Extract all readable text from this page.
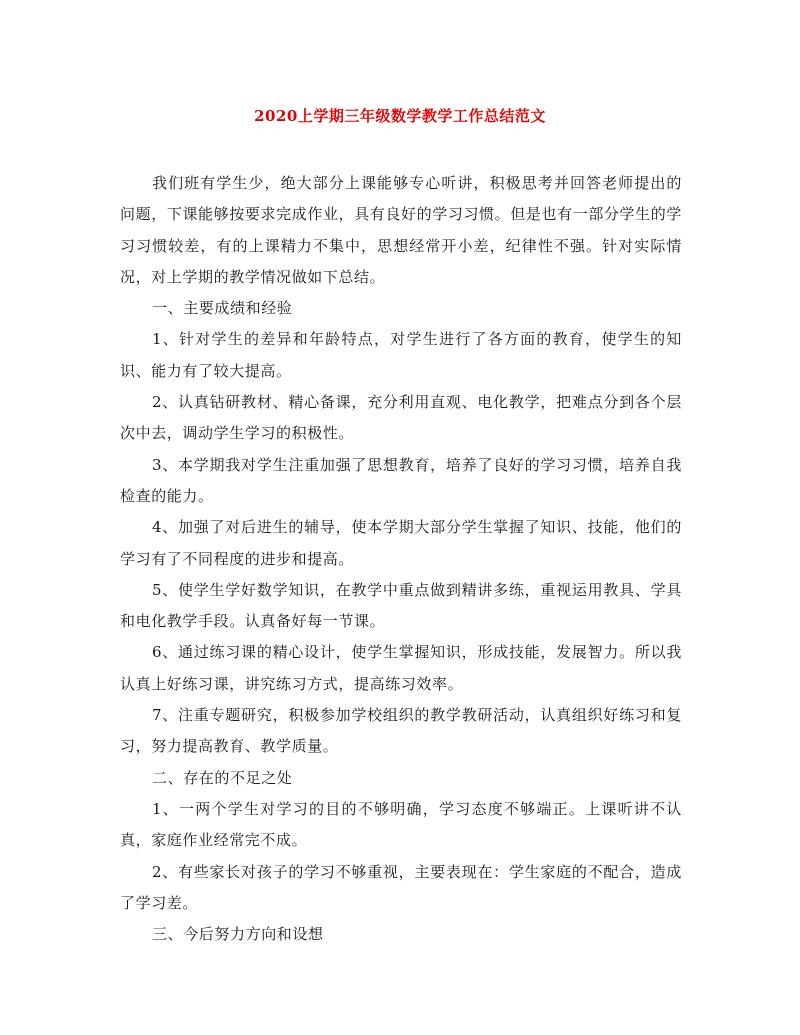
2020上学期三年级数学教学工作总结范文

我们班有学生少，绝大部分上课能够专心听讲，积极思考并回答老师提出的问题，下课能够按要求完成作业，具有良好的学习习惯。但是也有一部分学生的学习习惯较差，有的上课精力不集中，思想经常开小差，纪律性不强。针对实际情况，对上学期的教学情况做如下总结。

一、主要成绩和经验

1、针对学生的差异和年龄特点，对学生进行了各方面的教育，使学生的知识、能力有了较大提高。

2、认真钻研教材、精心备课，充分利用直观、电化教学，把难点分到各个层次中去，调动学生学习的积极性。

3、本学期我对学生注重加强了思想教育，培养了良好的学习习惯，培养自我检查的能力。

4、加强了对后进生的辅导，使本学期大部分学生掌握了知识、技能，他们的学习有了不同程度的进步和提高。

5、使学生学好数学知识，在教学中重点做到精讲多练，重视运用教具、学具和电化教学手段。认真备好每一节课。

6、通过练习课的精心设计，使学生掌握知识，形成技能，发展智力。所以我认真上好练习课，讲究练习方式，提高练习效率。

7、注重专题研究，积极参加学校组织的教学教研活动，认真组织好练习和复习，努力提高教育、教学质量。

二、存在的不足之处

1、一两个学生对学习的目的不够明确，学习态度不够端正。上课听讲不认真，家庭作业经常完不成。

2、有些家长对孩子的学习不够重视，主要表现在：学生家庭的不配合，造成了学习差。

三、今后努力方向和设想
